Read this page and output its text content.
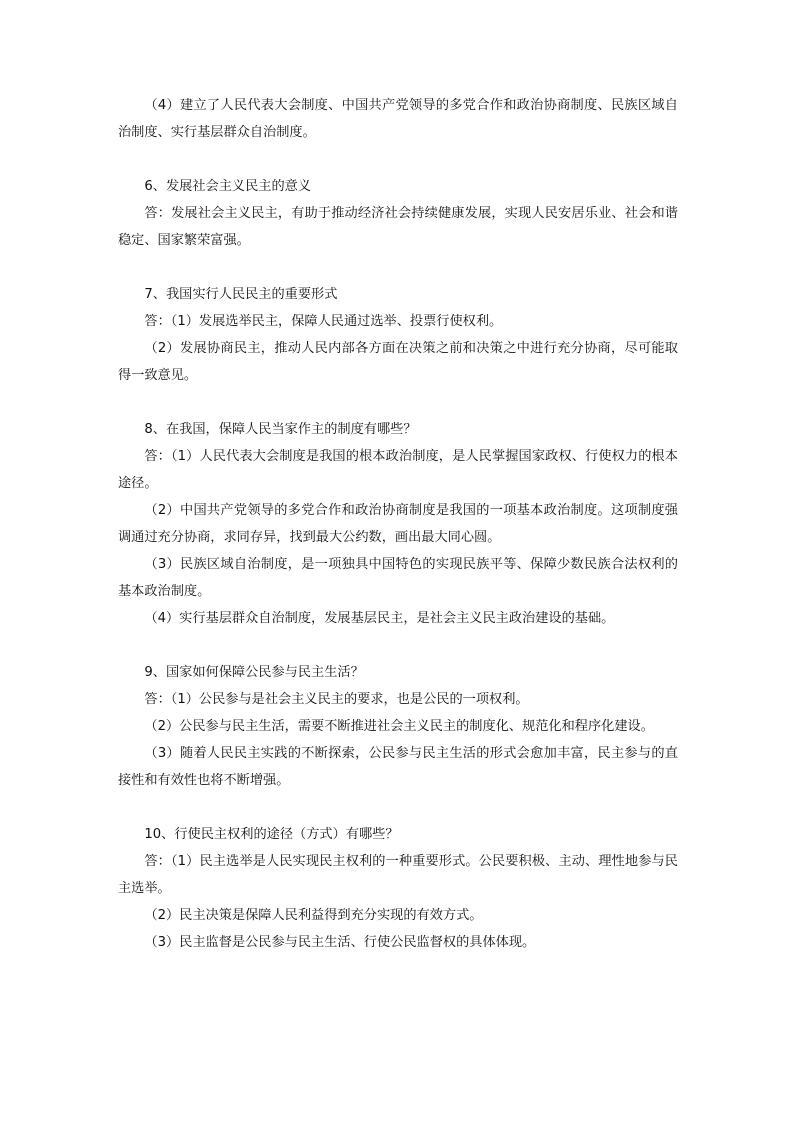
（4）建立了人民代表大会制度、中国共产党领导的多党合作和政治协商制度、民族区域自治制度、实行基层群众自治制度。

6、发展社会主义民主的意义

答：发展社会主义民主，有助于推动经济社会持续健康发展，实现人民安居乐业、社会和谐稳定、国家繁荣富强。

7、我国实行人民民主的重要形式

答：（1）发展选举民主，保障人民通过选举、投票行使权利。

（2）发展协商民主，推动人民内部各方面在决策之前和决策之中进行充分协商，尽可能取得一致意见。

8、在我国，保障人民当家作主的制度有哪些？

答：（1）人民代表大会制度是我国的根本政治制度，是人民掌握国家政权、行使权力的根本途径。

（2）中国共产党领导的多党合作和政治协商制度是我国的一项基本政治制度。这项制度强调通过充分协商，求同存异，找到最大公约数，画出最大同心圆。

（3）民族区域自治制度，是一项独具中国特色的实现民族平等、保障少数民族合法权利的基本政治制度。

（4）实行基层群众自治制度，发展基层民主，是社会主义民主政治建设的基础。

9、国家如何保障公民参与民主生活？

答：（1）公民参与是社会主义民主的要求，也是公民的一项权利。

（2）公民参与民主生活，需要不断推进社会主义民主的制度化、规范化和程序化建设。

（3）随着人民民主实践的不断探索，公民参与民主生活的形式会愈加丰富，民主参与的直接性和有效性也将不断增强。

10、行使民主权利的途径（方式）有哪些？

答：（1）民主选举是人民实现民主权利的一种重要形式。公民要积极、主动、理性地参与民主选举。

（2）民主决策是保障人民利益得到充分实现的有效方式。

（3）民主监督是公民参与民主生活、行使公民监督权的具体体现。
